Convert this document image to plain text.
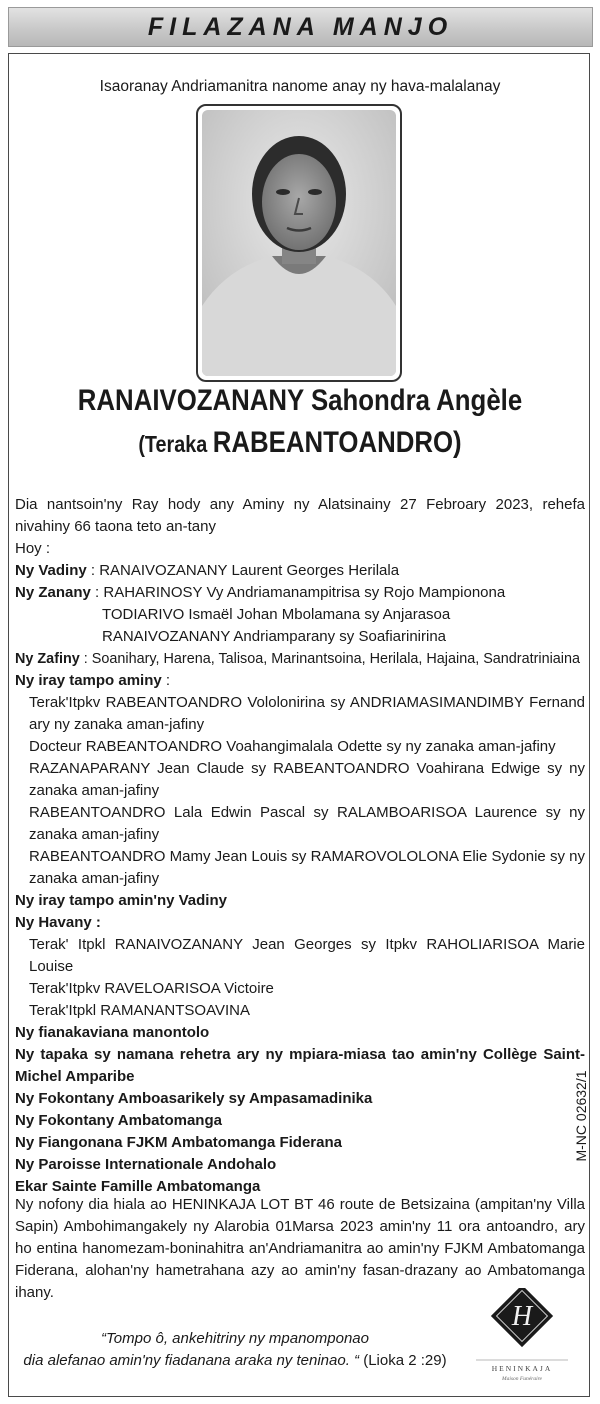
FILAZANA MANJO
Isaoranay Andriamanitra nanome anay ny hava-malalanay
RANAIVOZANANY Sahondra Angèle
(Teraka RABEANTOANDRO)

Dia nantsoin'ny Ray hody any Aminy ny Alatsinainy 27 Febroary 2023, rehefa nivahiny 66 taona teto an-tany

Hoy :

Ny Vadiny : RANAIVOZANANY Laurent Georges Herilala

Ny Zanany : RAHARINOSY Vy Andriamanampitrisa sy Rojo Mampionona

TODIARIVO Ismaël Johan Mbolamana sy Anjarasoa

RANAIVOZANANY Andriamparany sy Soafiarinirina

Ny Zafiny : Soanihary, Harena, Talisoa, Marinantsoina, Herilala, Hajaina, Sandratriniaina

Ny iray tampo aminy :

Terak'Itpkv RABEANTOANDRO Vololonirina sy ANDRIAMASIMANDIMBY Fernand ary ny zanaka aman-jafiny

Docteur RABEANTOANDRO Voahangimalala Odette sy ny zanaka aman-jafiny

RAZANAPARANY Jean Claude sy RABEANTOANDRO Voahirana Edwige sy ny zanaka aman-jafiny

RABEANTOANDRO Lala Edwin Pascal sy RALAMBOARISOA Laurence sy ny zanaka aman-jafiny

RABEANTOANDRO Mamy Jean Louis sy RAMAROVOLOLONA Elie Sydonie sy ny zanaka aman-jafiny

Ny iray tampo amin'ny Vadiny

Ny Havany :

Terak' Itpkl RANAIVOZANANY Jean Georges sy Itpkv RAHOLIARISOA Marie Louise

Terak'Itpkv RAVELOARISOA Victoire

Terak'Itpkl RAMANANTSOAVINA

Ny fianakaviana manontolo

Ny tapaka sy namana rehetra ary ny mpiara-miasa tao amin'ny Collège Saint-Michel Amparibe

Ny Fokontany Amboasarikely sy Ampasamadinika

Ny Fokontany Ambatomanga

Ny Fiangonana FJKM Ambatomanga Fiderana

Ny Paroisse Internationale Andohalo

Ekar Sainte Famille Ambatomanga

M-NC 02632/1
Ny nofony dia hiala ao HENINKAJA LOT BT 46 route de Betsizaina (ampitan'ny Villa Sapin) Ambohimangakely ny Alarobia 01Marsa 2023 amin'ny 11 ora antoandro, ary ho entina hanomezam-boninahitra an'Andriamanitra ao amin'ny FJKM Ambatomanga Fiderana, alohan'ny hametrahana azy ao amin'ny fasan-drazany ao Ambatomanga ihany.
“Tompo ô, ankehitriny ny mpanomponao
dia alefanao amin'ny fiadanana araka ny teninao. “ (Lioka 2 :29)
H
HENINKAJA
Maison Funéraire
